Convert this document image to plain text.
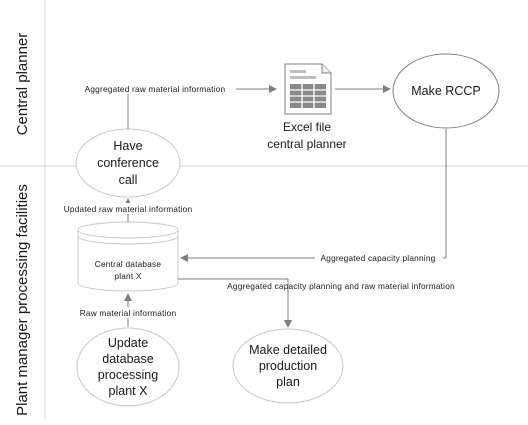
Central planner
Plant manager processing facilities
Make RCCP
Excel file
central planner
Have
conference
call
Central database
plant X
Update
database
processing
plant X
Make detailed
production
plan
Aggregated raw material information
Aggregated capacity planning
Updated raw material information
Aggregated capacity planning and raw material information
Raw material information
